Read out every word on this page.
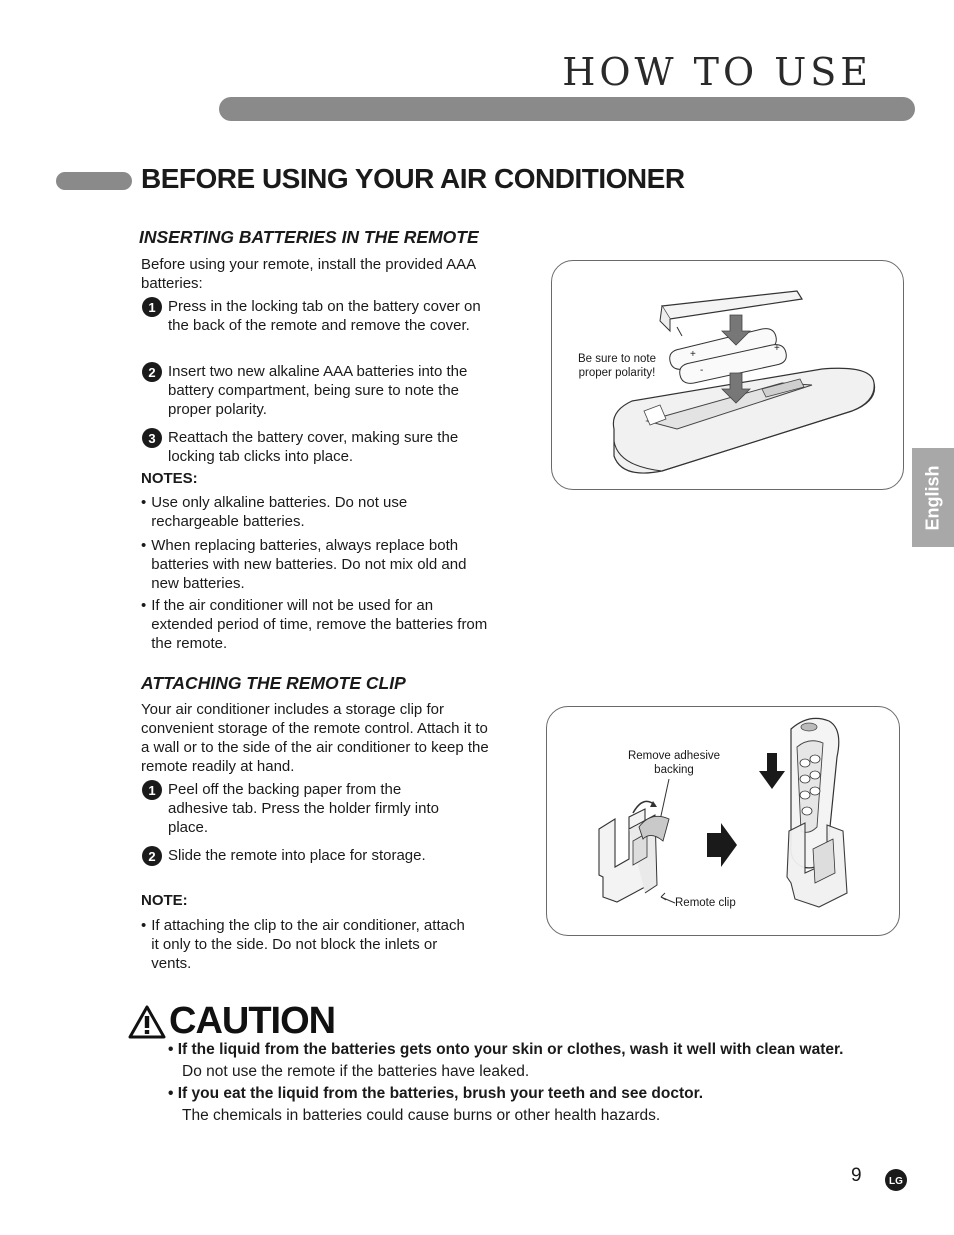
HOW TO USE
BEFORE USING YOUR AIR CONDITIONER
English
INSERTING BATTERIES IN THE REMOTE
Before using your remote, install the provided AAA batteries:
1 Press in the locking tab on the battery cover on the back of the remote and remove the cover.
2 Insert two new alkaline AAA batteries into the battery compartment, being sure to note the proper polarity.
3 Reattach the battery cover, making sure the locking tab clicks into place.
NOTES:
• Use only alkaline batteries. Do not use rechargeable batteries.
• When replacing batteries, always replace both batteries with new batteries. Do not mix old and new batteries.
• If the air conditioner will not be used for an extended period of time, remove the batteries from the remote.
Be sure to note proper polarity!
+
-
+
ATTACHING THE REMOTE CLIP
Your air conditioner includes a storage clip for convenient storage of the remote control. Attach it to a wall or to the side of the air conditioner to keep the remote readily at hand.
1 Peel off the backing paper from the adhesive tab. Press the holder firmly into place.
2 Slide the remote into place for storage.
NOTE:
• If attaching the clip to the air conditioner, attach it only to the side. Do not block the inlets or vents.
Remove adhesive backing
Remote clip
CAUTION
• If the liquid from the batteries gets onto your skin or clothes, wash it well with clean water.
Do not use the remote if the batteries have leaked.
• If you eat the liquid from the batteries, brush your teeth and see doctor.
The chemicals in batteries could cause burns or other health hazards.
9	LG
